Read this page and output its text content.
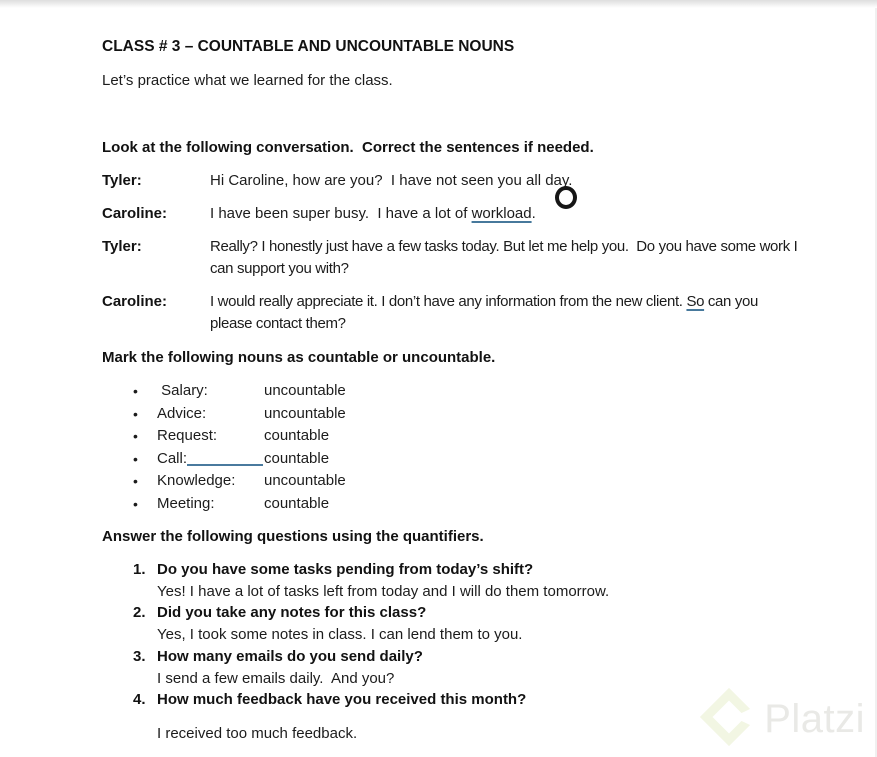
CLASS # 3 – COUNTABLE AND UNCOUNTABLE NOUNS
Let’s practice what we learned for the class.
Look at the following conversation.  Correct the sentences if needed.
Tyler:	Hi Caroline, how are you?  I have not seen you all day.
Caroline:	I have been super busy.  I have a lot of workload.
Tyler:	Really? I honestly just have a few tasks today. But let me help you.  Do you have some work I can support you with?
Caroline:	I would really appreciate it. I don’t have any information from the new client. So can you please contact them?
Mark the following nouns as countable or uncountable.
•	Salary:	uncountable
•	Advice:	uncountable
•	Request:	countable
•	Call:	countable
•	Knowledge: uncountable
•	Meeting:	countable
Answer the following questions using the quantifiers.
1. Do you have some tasks pending from today’s shift?
Yes! I have a lot of tasks left from today and I will do them tomorrow.
2. Did you take any notes for this class?
Yes, I took some notes in class. I can lend them to you.
3. How many emails do you send daily?
I send a few emails daily.  And you?
4. How much feedback have you received this month?
I received too much feedback.	Platzi
